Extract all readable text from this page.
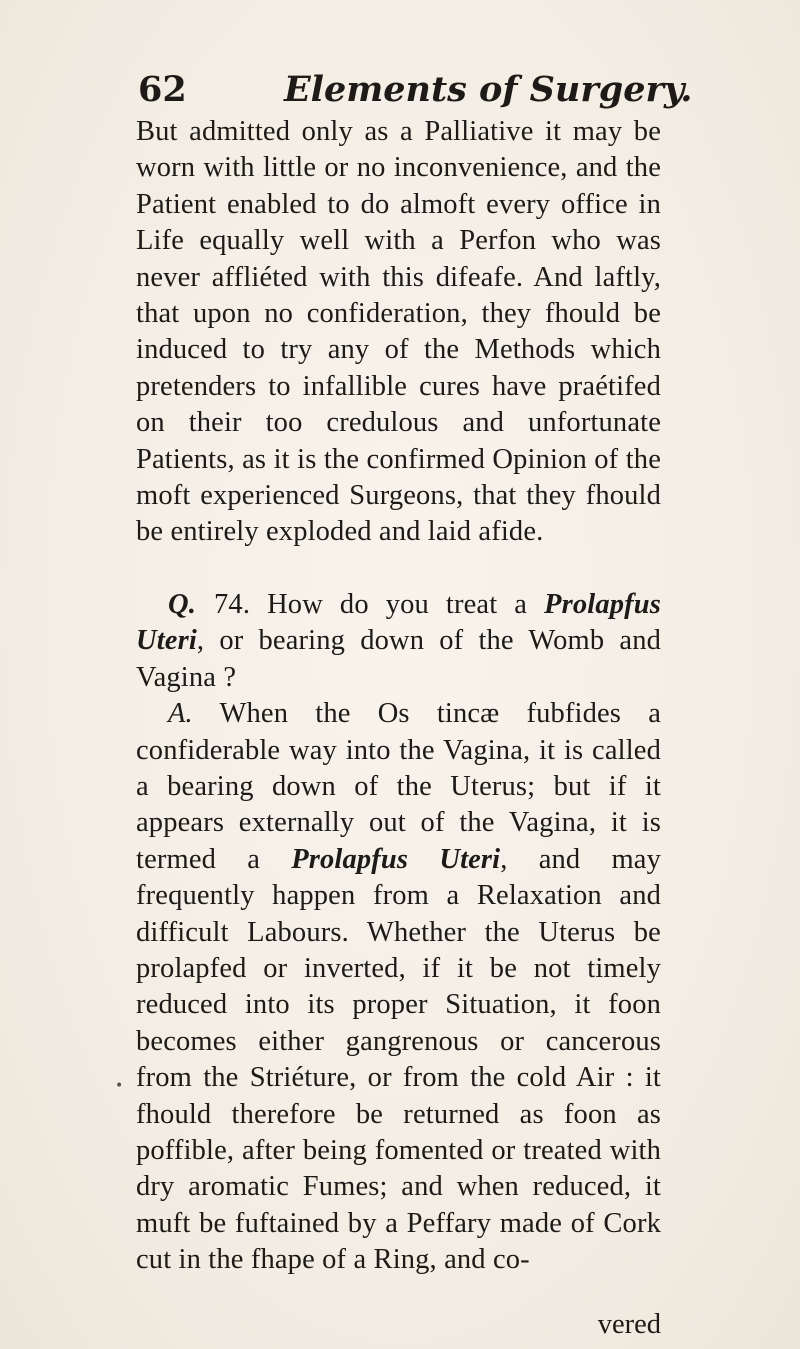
62	Elements of Surgery.

But admitted only as a Palliative it may be worn with little or no inconvenience, and the Patient enabled to do almoft every office in Life equally well with a Perfon who was never affliéted with this difeafe. And laftly, that upon no confideration, they fhould be induced to try any of the Methods which pretenders to infallible cures have praétifed on their too credulous and unfortunate Patients, as it is the confirmed Opinion of the moft experienced Surgeons, that they fhould be entirely exploded and laid afide.

Q. 74. How do you treat a Prolapfus Uteri, or bearing down of the Womb and Vagina ?

A. When the Os tincæ fubfides a confiderable way into the Vagina, it is called a bearing down of the Uterus; but if it appears externally out of the Vagina, it is termed a Prolapfus Uteri, and may frequently happen from a Relaxation and difficult Labours. Whether the Uterus be prolapfed or inverted, if it be not timely reduced into its proper Situation, it foon becomes either gangrenous or cancerous from the Striéture, or from the cold Air : it fhould therefore be returned as foon as poffible, after being fomented or treated with dry aromatic Fumes; and when reduced, it muft be fuftained by a Peffary made of Cork cut in the fhape of a Ring, and co-

vered
•
